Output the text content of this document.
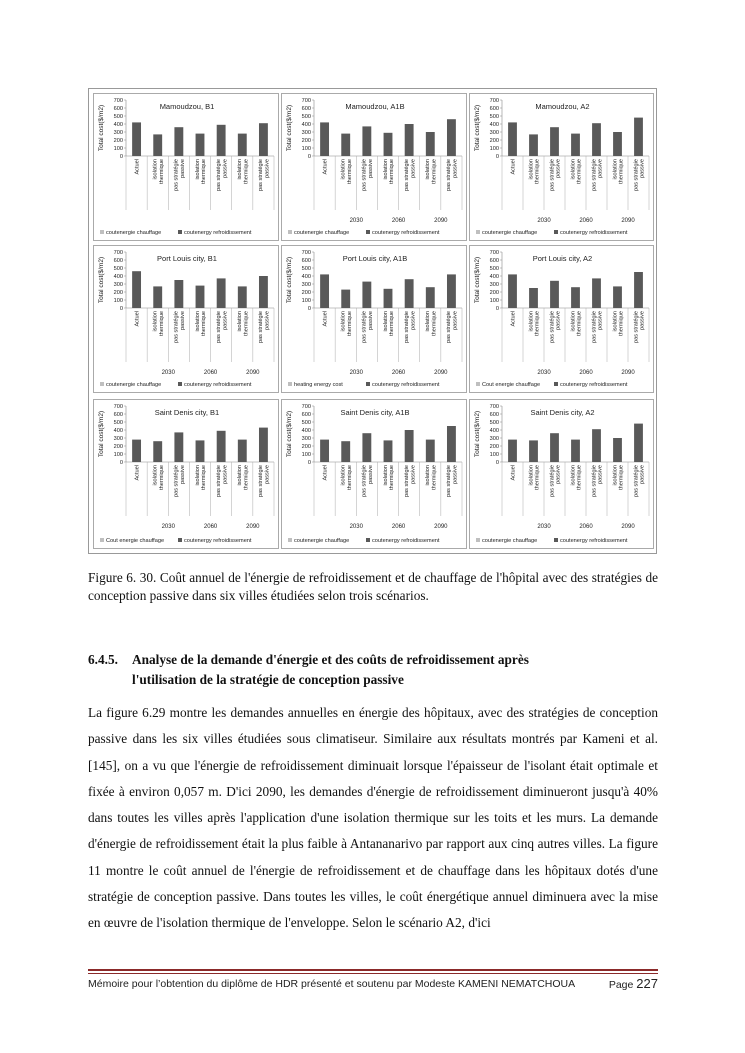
Mamoudzou, B1
Total cost($/m2)
0
100
200
300
400
500
600
700
Actuel isolation thermique pas stratégie passive isolation thermique pas stratégie passive isolation thermique pas stratégie passive
coutenergie chauffage	coutenergy refroidissement
Mamoudzou, A1B
Total cost($/m2)
0
100
200
300
400
500
600
700
Actuel isolation thermique pas stratégie passive isolation thermique pas stratégie passive isolation thermique pas stratégie passive
2030	2060	2090
coutenergie chauffage	coutenergy refroidissement
Mamoudzou, A2
Total cost($/m2)
0
100
200
300
400
500
600
700
Actuel isolation thermique pas stratégie passive isolation thermique pas stratégie passive isolation thermique pas stratégie passive
2030	2060	2090
coutenergie chauffage	coutenergy refroidissement
Port Louis city, B1
Total cost($/m2)
0
100
200
300
400
500
600
700
Actuel isolation thermique pas stratégie passive isolation thermique pas stratégie passive isolation thermique pas stratégie passive
2030	2060	2090
coutenergie chauffage	coutenergy refroidissement
Port Louis city, A1B
Total cost($/m2)
0
100
200
300
400
500
600
700
Actuel isolation thermique pas stratégie passive isolation thermique pas stratégie passive isolation thermique pas stratégie passive
2030	2060	2090
heating energy cost	coutenergy refroidissement
Port Louis city, A2
Total cost($/m2)
0
100
200
300
400
500
600
700
Actuel isolation thermique pas stratégie passive isolation thermique pas stratégie passive isolation thermique pas stratégie passive
2030	2060	2090
Cout energie chauffage	coutenergy refroidissement
Saint Denis city, B1
Total cost($/m2)
0
100
200
300
400
500
600
700
Actuel isolation thermique pas stratégie passive isolation thermique pas stratégie passive isolation thermique pas stratégie passive
2030	2060	2090
Cout energie chauffage	coutenergy refroidissement
Saint Denis city, A1B
Total cost($/m2)
0
100
200
300
400
500
600
700
Actuel isolation thermique pas stratégie passive isolation thermique pas stratégie passive isolation thermique pas stratégie passive
2030	2060	2090
coutenergie chauffage	coutenergy refroidissement
Saint Denis city, A2
Total cost($/m2)
0
100
200
300
400
500
600
700
Actuel isolation thermique pas stratégie passive isolation thermique pas stratégie passive isolation thermique pas stratégie passive
2030	2060	2090
coutenergie chauffage	coutenergy refroidissement
Figure 6. 30. Coût annuel de l'énergie de refroidissement et de chauffage de l'hôpital avec des stratégies de conception passive dans six villes étudiées selon trois scénarios.
6.4.5. Analyse de la demande d'énergie et des coûts de refroidissement après
l'utilisation de la stratégie de conception passive
La figure 6.29 montre les demandes annuelles en énergie des hôpitaux, avec des stratégies de conception passive dans les six villes étudiées sous climatiseur. Similaire aux résultats montrés par Kameni et al. [145], on a vu que l'énergie de refroidissement diminuait lorsque l'épaisseur de l'isolant était optimale et fixée à environ 0,057 m. D'ici 2090, les demandes d'énergie de refroidissement diminueront jusqu'à 40% dans toutes les villes après l'application d'une isolation thermique sur les toits et les murs. La demande d'énergie de refroidissement était la plus faible à Antananarivo par rapport aux cinq autres villes. La figure 11 montre le coût annuel de l'énergie de refroidissement et de chauffage dans les hôpitaux dotés d'une stratégie de conception passive. Dans toutes les villes, le coût énergétique annuel diminuera avec la mise en œuvre de l'isolation thermique de l'enveloppe. Selon le scénario A2, d'ici
Mémoire pour l’obtention du diplôme de HDR présenté et soutenu par Modeste KAMENI NEMATCHOUA	Page 227
